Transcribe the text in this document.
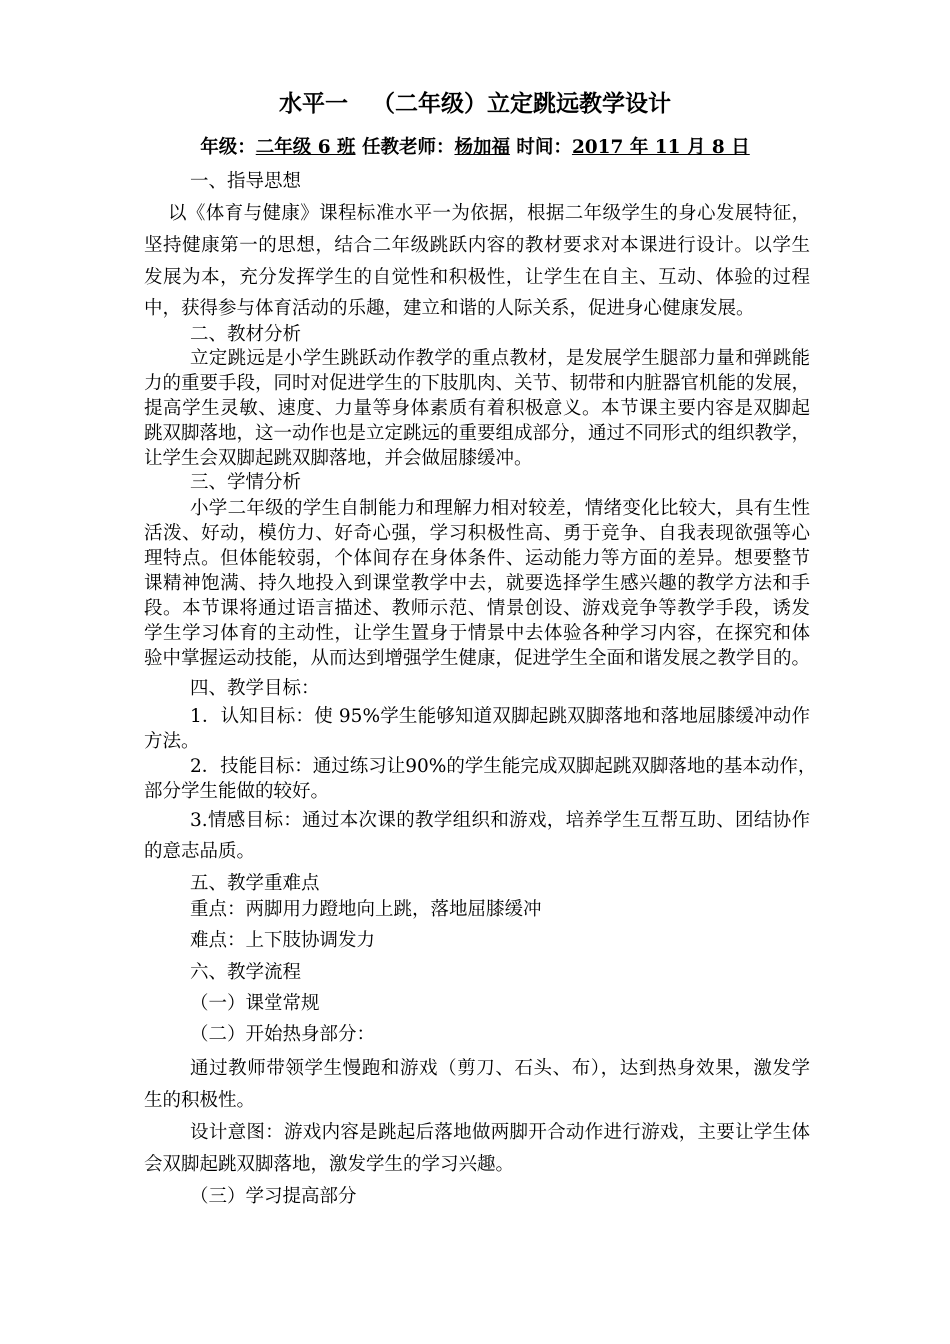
水平一   （二年级）立定跳远教学设计
年级：二年级 6 班 任教老师：杨加福 时间：2017 年 11 月 8 日
一、指导思想
以《体育与健康》课程标准水平一为依据，根据二年级学生的身心发展特征，
坚持健康第一的思想，结合二年级跳跃内容的教材要求对本课进行设计。以学生
发展为本，充分发挥学生的自觉性和积极性，让学生在自主、互动、体验的过程
中，获得参与体育活动的乐趣，建立和谐的人际关系，促进身心健康发展。
二、教材分析
立定跳远是小学生跳跃动作教学的重点教材，是发展学生腿部力量和弹跳能
力的重要手段，同时对促进学生的下肢肌肉、关节、韧带和内脏器官机能的发展，
提高学生灵敏、速度、力量等身体素质有着积极意义。本节课主要内容是双脚起
跳双脚落地，这一动作也是立定跳远的重要组成部分，通过不同形式的组织教学，
让学生会双脚起跳双脚落地，并会做屈膝缓冲。
三、学情分析
小学二年级的学生自制能力和理解力相对较差，情绪变化比较大，具有生性
活泼、好动，模仿力、好奇心强，学习积极性高、勇于竞争、自我表现欲强等心
理特点。但体能较弱，个体间存在身体条件、运动能力等方面的差异。想要整节
课精神饱满、持久地投入到课堂教学中去，就要选择学生感兴趣的教学方法和手
段。本节课将通过语言描述、教师示范、情景创设、游戏竞争等教学手段，诱发
学生学习体育的主动性，让学生置身于情景中去体验各种学习内容，在探究和体
验中掌握运动技能，从而达到增强学生健康，促进学生全面和谐发展之教学目的。
四、教学目标：
1．认知目标：使 95%学生能够知道双脚起跳双脚落地和落地屈膝缓冲动作
方法。
2．技能目标：通过练习让90%的学生能完成双脚起跳双脚落地的基本动作，
部分学生能做的较好。
3.情感目标：通过本次课的教学组织和游戏，培养学生互帮互助、团结协作
的意志品质。
五、教学重难点
重点：两脚用力蹬地向上跳，落地屈膝缓冲
难点：上下肢协调发力
六、教学流程
（一）课堂常规
（二）开始热身部分：
通过教师带领学生慢跑和游戏（剪刀、石头、布），达到热身效果，激发学
生的积极性。
设计意图：游戏内容是跳起后落地做两脚开合动作进行游戏，主要让学生体
会双脚起跳双脚落地，激发学生的学习兴趣。
（三）学习提高部分
